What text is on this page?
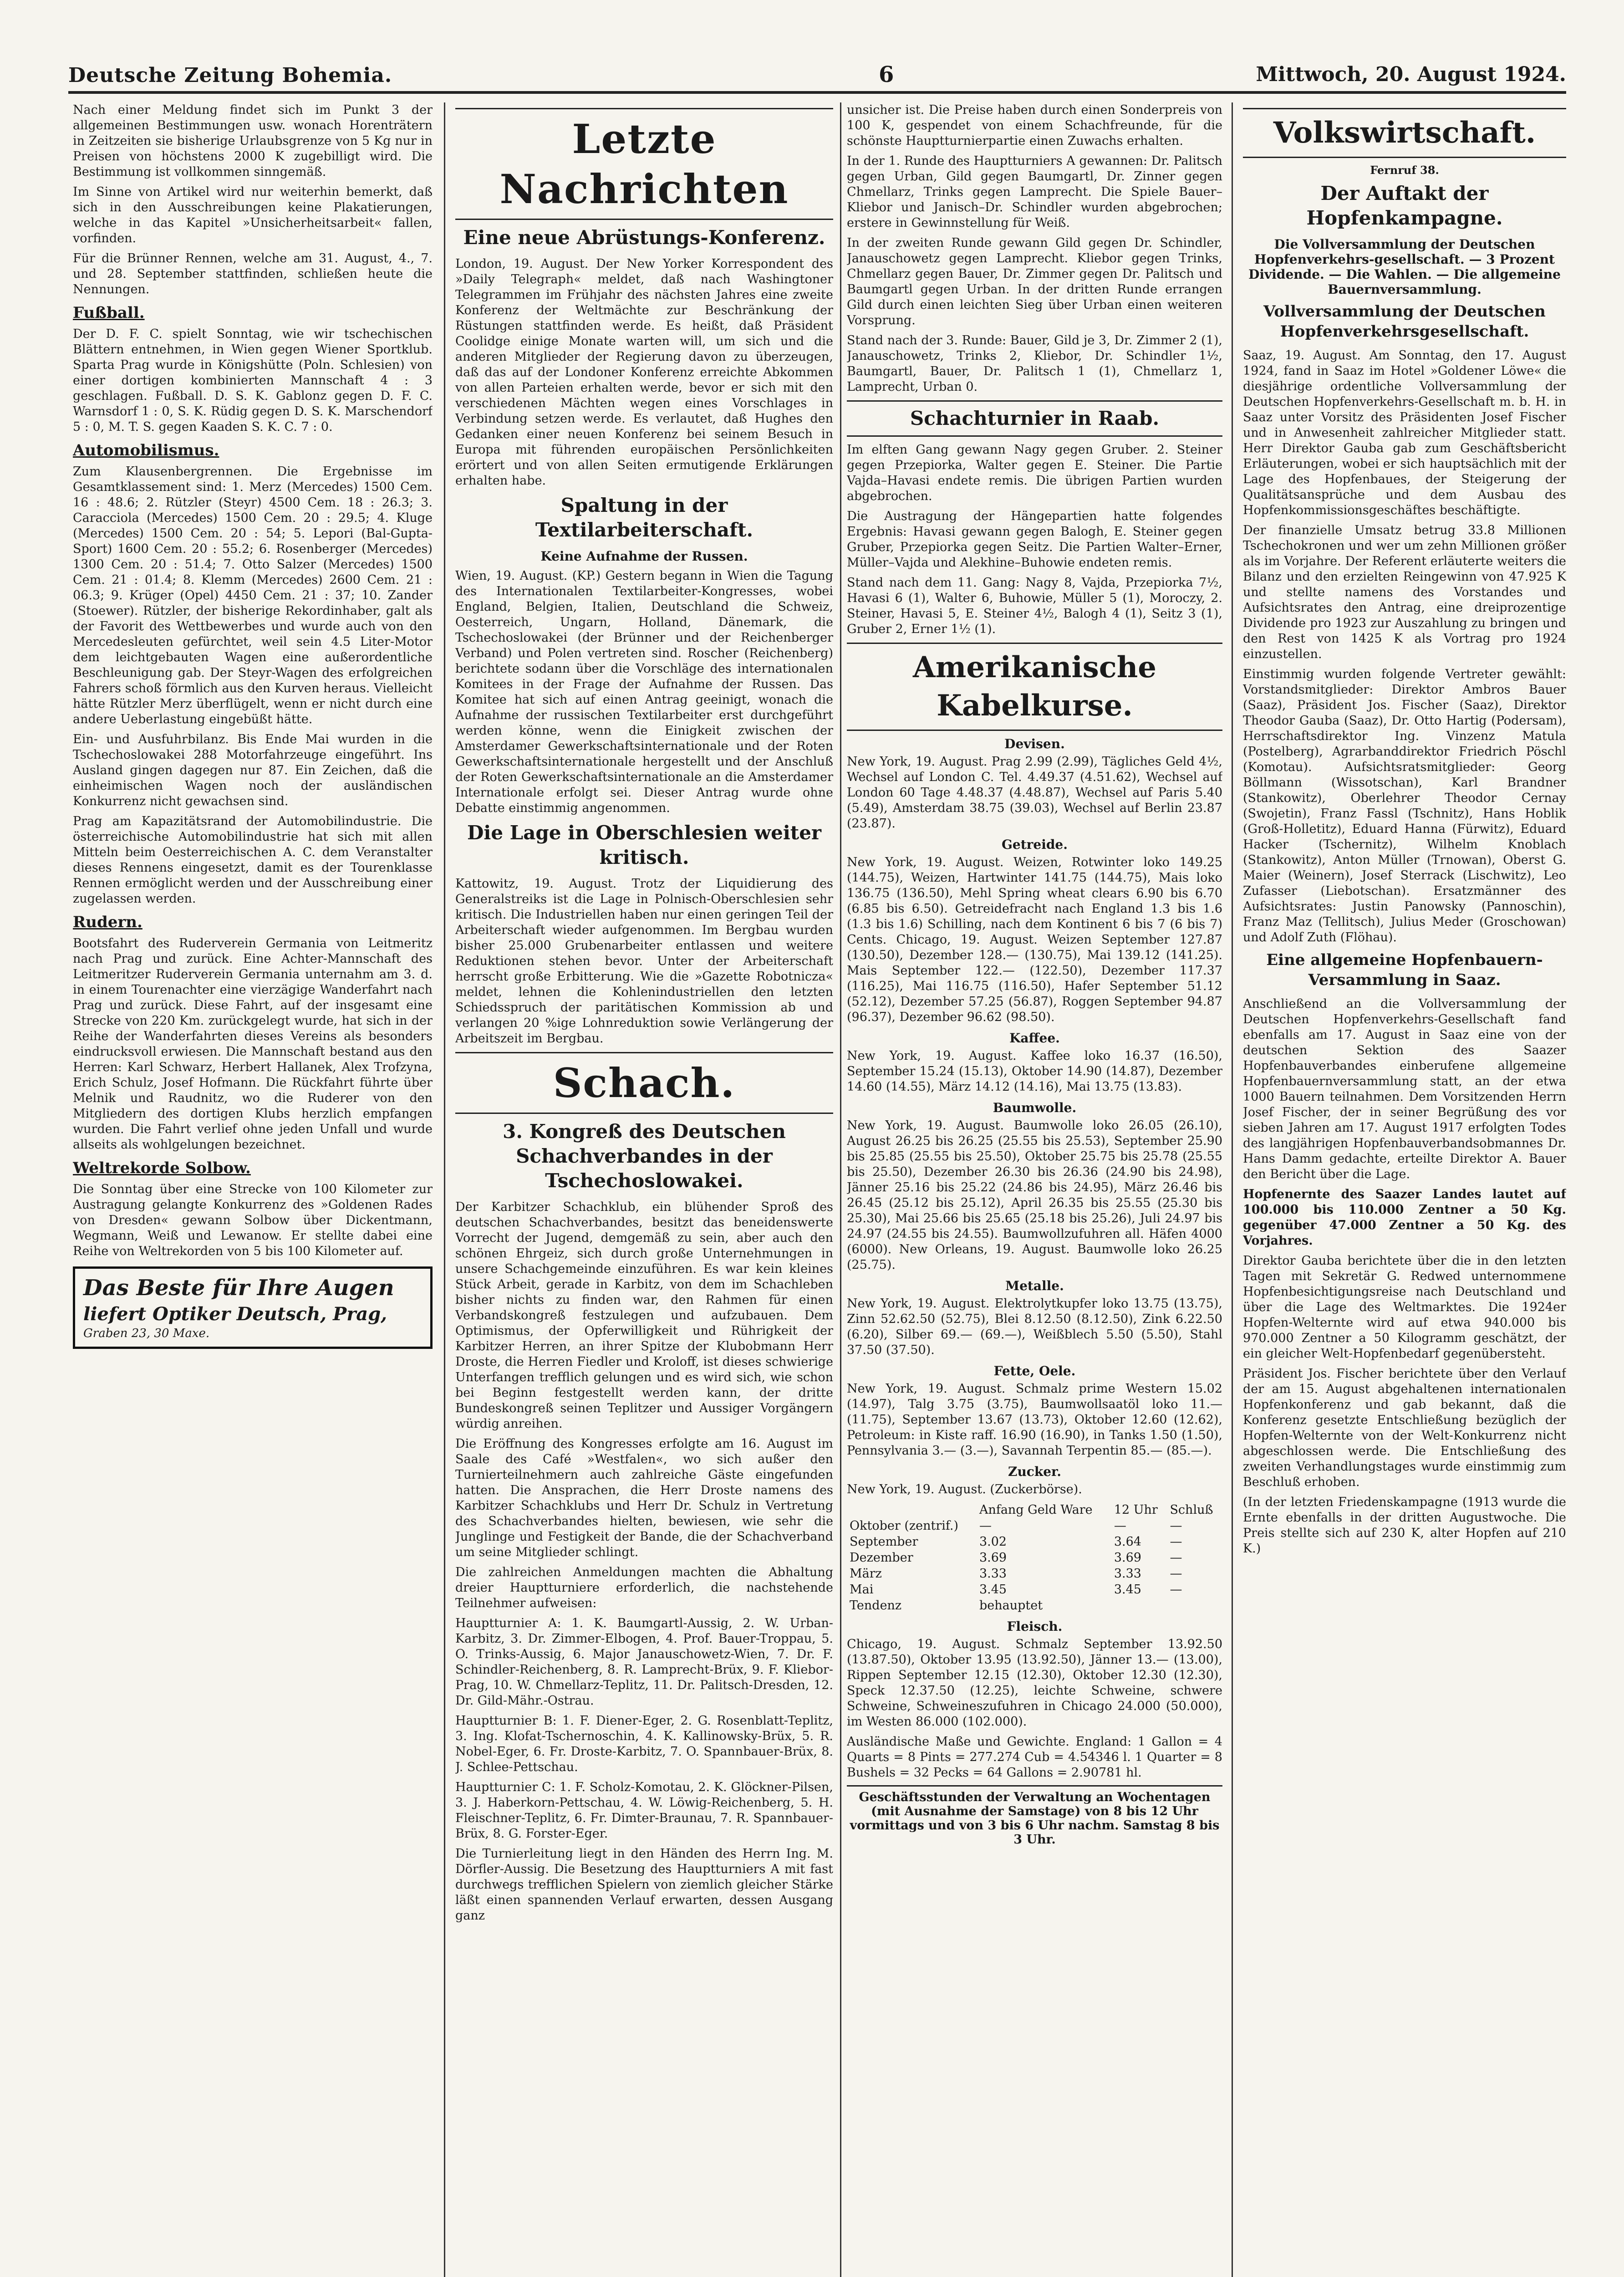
Deutsche Zeitung Bohemia.	6	Mittwoch, 20. August 1924.

Nach einer Meldung findet sich im Punkt 3 der allgemeinen Bestimmungen usw. wonach Horenträtern in Zeitzeiten sie bisherige Urlaubsgrenze von 5 Kg nur in Preisen von höchstens 2000 K zugebilligt wird. Die Bestimmung ist vollkommen sinngemäß.

Im Sinne von Artikel wird nur weiterhin bemerkt, daß sich in den Ausschreibungen keine Plakatierungen, welche in das Kapitel »Unsicherheitsarbeit« fallen, vorfinden.

Für die Brünner Rennen, welche am 31. August, 4., 7. und 28. September stattfinden, schließen heute die Nennungen.

Fußball.

Der D. F. C. spielt Sonntag, wie wir tschechischen Blättern entnehmen, in Wien gegen Wiener Sportklub. Sparta Prag wurde in Königshütte (Poln. Schlesien) von einer dortigen kombinierten Mannschaft 4 : 3 geschlagen. Fußball. D. S. K. Gablonz gegen D. F. C. Warnsdorf 1 : 0, S. K. Rüdig gegen D. S. K. Marschendorf 5 : 0, M. T. S. gegen Kaaden S. K. C. 7 : 0.

Automobilismus.

Zum Klausenbergrennen. Die Ergebnisse im Gesamtklassement sind: 1. Merz (Mercedes) 1500 Cem. 16 : 48.6; 2. Rützler (Steyr) 4500 Cem. 18 : 26.3; 3. Caracciola (Mercedes) 1500 Cem. 20 : 29.5; 4. Kluge (Mercedes) 1500 Cem. 20 : 54; 5. Lepori (Bal-Gupta-Sport) 1600 Cem. 20 : 55.2; 6. Rosenberger (Mercedes) 1300 Cem. 20 : 51.4; 7. Otto Salzer (Mercedes) 1500 Cem. 21 : 01.4; 8. Klemm (Mercedes) 2600 Cem. 21 : 06.3; 9. Krüger (Opel) 4450 Cem. 21 : 37; 10. Zander (Stoewer). Rützler, der bisherige Rekordinhaber, galt als der Favorit des Wettbewerbes und wurde auch von den Mercedesleuten gefürchtet, weil sein 4.5 Liter-Motor dem leichtgebauten Wagen eine außerordentliche Beschleunigung gab. Der Steyr-Wagen des erfolgreichen Fahrers schoß förmlich aus den Kurven heraus. Vielleicht hätte Rützler Merz überflügelt, wenn er nicht durch eine andere Ueberlastung eingebüßt hätte.

Ein- und Ausfuhrbilanz. Bis Ende Mai wurden in die Tschechoslowakei 288 Motorfahrzeuge eingeführt. Ins Ausland gingen dagegen nur 87. Ein Zeichen, daß die einheimischen Wagen noch der ausländischen Konkurrenz nicht gewachsen sind.

Prag am Kapazitätsrand der Automobilindustrie. Die österreichische Automobilindustrie hat sich mit allen Mitteln beim Oesterreichischen A. C. dem Veranstalter dieses Rennens eingesetzt, damit es der Tourenklasse Rennen ermöglicht werden und der Ausschreibung einer zugelassen werden.

Rudern.

Bootsfahrt des Ruderverein Germania von Leitmeritz nach Prag und zurück. Eine Achter-Mannschaft des Leitmeritzer Ruderverein Germania unternahm am 3. d. in einem Tourenachter eine vierzägige Wanderfahrt nach Prag und zurück. Diese Fahrt, auf der insgesamt eine Strecke von 220 Km. zurückgelegt wurde, hat sich in der Reihe der Wanderfahrten dieses Vereins als besonders eindrucksvoll erwiesen. Die Mannschaft bestand aus den Herren: Karl Schwarz, Herbert Hallanek, Alex Trofzyna, Erich Schulz, Josef Hofmann. Die Rückfahrt führte über Melnik und Raudnitz, wo die Ruderer von den Mitgliedern des dortigen Klubs herzlich empfangen wurden. Die Fahrt verlief ohne jeden Unfall und wurde allseits als wohlgelungen bezeichnet.

Weltrekorde Solbow.

Die Sonntag über eine Strecke von 100 Kilometer zur Austragung gelangte Konkurrenz des »Goldenen Rades von Dresden« gewann Solbow über Dickentmann, Wegmann, Weiß und Lewanow. Er stellte dabei eine Reihe von Weltrekorden von 5 bis 100 Kilometer auf.

Das Beste für Ihre Augen
liefert Optiker Deutsch, Prag,
Graben 23, 30 Maxe.
Letzte Nachrichten
Eine neue Abrüstungs-Konferenz.

London, 19. August. Der New Yorker Korrespondent des »Daily Telegraph« meldet, daß nach Washingtoner Telegrammen im Frühjahr des nächsten Jahres eine zweite Konferenz der Weltmächte zur Beschränkung der Rüstungen stattfinden werde. Es heißt, daß Präsident Coolidge einige Monate warten will, um sich und die anderen Mitglieder der Regierung davon zu überzeugen, daß das auf der Londoner Konferenz erreichte Abkommen von allen Parteien erhalten werde, bevor er sich mit den verschiedenen Mächten wegen eines Vorschlages in Verbindung setzen werde. Es verlautet, daß Hughes den Gedanken einer neuen Konferenz bei seinem Besuch in Europa mit führenden europäischen Persönlichkeiten erörtert und von allen Seiten ermutigende Erklärungen erhalten habe.

Spaltung in der Textilarbeiterschaft.
Keine Aufnahme der Russen.

Wien, 19. August. (KP.) Gestern begann in Wien die Tagung des Internationalen Textilarbeiter-Kongresses, wobei England, Belgien, Italien, Deutschland die Schweiz, Oesterreich, Ungarn, Holland, Dänemark, die Tschechoslowakei (der Brünner und der Reichenberger Verband) und Polen vertreten sind. Roscher (Reichenberg) berichtete sodann über die Vorschläge des internationalen Komitees in der Frage der Aufnahme der Russen. Das Komitee hat sich auf einen Antrag geeinigt, wonach die Aufnahme der russischen Textilarbeiter erst durchgeführt werden könne, wenn die Einigkeit zwischen der Amsterdamer Gewerkschaftsinternationale und der Roten Gewerkschaftsinternationale hergestellt und der Anschluß der Roten Gewerkschaftsinternationale an die Amsterdamer Internationale erfolgt sei. Dieser Antrag wurde ohne Debatte einstimmig angenommen.

Die Lage in Oberschlesien weiter kritisch.

Kattowitz, 19. August. Trotz der Liquidierung des Generalstreiks ist die Lage in Polnisch-Oberschlesien sehr kritisch. Die Industriellen haben nur einen geringen Teil der Arbeiterschaft wieder aufgenommen. Im Bergbau wurden bisher 25.000 Grubenarbeiter entlassen und weitere Reduktionen stehen bevor. Unter der Arbeiterschaft herrscht große Erbitterung. Wie die »Gazette Robotnicza« meldet, lehnen die Kohlenindustriellen den letzten Schiedsspruch der paritätischen Kommission ab und verlangen 20 %ige Lohnreduktion sowie Verlängerung der Arbeitszeit im Bergbau.

Schach.
3. Kongreß des Deutschen Schachverbandes in der Tschechoslowakei.

Der Karbitzer Schachklub, ein blühender Sproß des deutschen Schachverbandes, besitzt das beneidenswerte Vorrecht der Jugend, demgemäß zu sein, aber auch den schönen Ehrgeiz, sich durch große Unternehmungen in unsere Schachgemeinde einzuführen. Es war kein kleines Stück Arbeit, gerade in Karbitz, von dem im Schachleben bisher nichts zu finden war, den Rahmen für einen Verbandskongreß festzulegen und aufzubauen. Dem Optimismus, der Opferwilligkeit und Rührigkeit der Karbitzer Herren, an ihrer Spitze der Klubobmann Herr Droste, die Herren Fiedler und Kroloff, ist dieses schwierige Unterfangen trefflich gelungen und es wird sich, wie schon bei Beginn festgestellt werden kann, der dritte Bundeskongreß seinen Teplitzer und Aussiger Vorgängern würdig anreihen.

Die Eröffnung des Kongresses erfolgte am 16. August im Saale des Café »Westfalen«, wo sich außer den Turnierteilnehmern auch zahlreiche Gäste eingefunden hatten. Die Ansprachen, die Herr Droste namens des Karbitzer Schachklubs und Herr Dr. Schulz in Vertretung des Schachverbandes hielten, bewiesen, wie sehr die Junglinge und Festigkeit der Bande, die der Schachverband um seine Mitglieder schlingt.

Die zahlreichen Anmeldungen machten die Abhaltung dreier Hauptturniere erforderlich, die nachstehende Teilnehmer aufweisen:

Hauptturnier A: 1. K. Baumgartl-Aussig, 2. W. Urban-Karbitz, 3. Dr. Zimmer-Elbogen, 4. Prof. Bauer-Troppau, 5. O. Trinks-Aussig, 6. Major Janauschowetz-Wien, 7. Dr. F. Schindler-Reichenberg, 8. R. Lamprecht-Brüx, 9. F. Kliebor-Prag, 10. W. Chmellarz-Teplitz, 11. Dr. Palitsch-Dresden, 12. Dr. Gild-Mähr.-Ostrau.

Hauptturnier B: 1. F. Diener-Eger, 2. G. Rosenblatt-Teplitz, 3. Ing. Klofat-Tschernoschin, 4. K. Kallinowsky-Brüx, 5. R. Nobel-Eger, 6. Fr. Droste-Karbitz, 7. O. Spannbauer-Brüx, 8. J. Schlee-Pettschau.

Hauptturnier C: 1. F. Scholz-Komotau, 2. K. Glöckner-Pilsen, 3. J. Haberkorn-Pettschau, 4. W. Löwig-Reichenberg, 5. H. Fleischner-Teplitz, 6. Fr. Dimter-Braunau, 7. R. Spannbauer-Brüx, 8. G. Forster-Eger.

Die Turnierleitung liegt in den Händen des Herrn Ing. M. Dörfler-Aussig. Die Besetzung des Hauptturniers A mit fast durchwegs trefflichen Spielern von ziemlich gleicher Stärke läßt einen spannenden Verlauf erwarten, dessen Ausgang ganz

unsicher ist. Die Preise haben durch einen Sonderpreis von 100 K, gespendet von einem Schachfreunde, für die schönste Hauptturnierpartie einen Zuwachs erhalten.

In der 1. Runde des Hauptturniers A gewannen: Dr. Palitsch gegen Urban, Gild gegen Baumgartl, Dr. Zinner gegen Chmellarz, Trinks gegen Lamprecht. Die Spiele Bauer–Kliebor und Janisch–Dr. Schindler wurden abgebrochen; erstere in Gewinnstellung für Weiß.

In der zweiten Runde gewann Gild gegen Dr. Schindler, Janauschowetz gegen Lamprecht. Kliebor gegen Trinks, Chmellarz gegen Bauer, Dr. Zimmer gegen Dr. Palitsch und Baumgartl gegen Urban. In der dritten Runde errangen Gild durch einen leichten Sieg über Urban einen weiteren Vorsprung.

Stand nach der 3. Runde: Bauer, Gild je 3, Dr. Zimmer 2 (1), Janauschowetz, Trinks 2, Kliebor, Dr. Schindler 1½, Baumgartl, Bauer, Dr. Palitsch 1 (1), Chmellarz 1, Lamprecht, Urban 0.

Schachturnier in Raab.

Im elften Gang gewann Nagy gegen Gruber. 2. Steiner gegen Przepiorka, Walter gegen E. Steiner. Die Partie Vajda–Havasi endete remis. Die übrigen Partien wurden abgebrochen.

Die Austragung der Hängepartien hatte folgendes Ergebnis: Havasi gewann gegen Balogh, E. Steiner gegen Gruber, Przepiorka gegen Seitz. Die Partien Walter–Erner, Müller–Vajda und Alekhine–Buhowie endeten remis.

Stand nach dem 11. Gang: Nagy 8, Vajda, Przepiorka 7½, Havasi 6 (1), Walter 6, Buhowie, Müller 5 (1), Moroczy, 2. Steiner, Havasi 5, E. Steiner 4½, Balogh 4 (1), Seitz 3 (1), Gruber 2, Erner 1½ (1).

Amerikanische Kabelkurse.
Devisen.

New York, 19. August. Prag 2.99 (2.99), Tägliches Geld 4½, Wechsel auf London C. Tel. 4.49.37 (4.51.62), Wechsel auf London 60 Tage 4.48.37 (4.48.87), Wechsel auf Paris 5.40 (5.49), Amsterdam 38.75 (39.03), Wechsel auf Berlin 23.87 (23.87).

Getreide.

New York, 19. August. Weizen, Rotwinter loko 149.25 (144.75), Weizen, Hartwinter 141.75 (144.75), Mais loko 136.75 (136.50), Mehl Spring wheat clears 6.90 bis 6.70 (6.85 bis 6.50). Getreidefracht nach England 1.3 bis 1.6 (1.3 bis 1.6) Schilling, nach dem Kontinent 6 bis 7 (6 bis 7) Cents. Chicago, 19. August. Weizen September 127.87 (130.50), Dezember 128.— (130.75), Mai 139.12 (141.25). Mais September 122.— (122.50), Dezember 117.37 (116.25), Mai 116.75 (116.50), Hafer September 51.12 (52.12), Dezember 57.25 (56.87), Roggen September 94.87 (96.37), Dezember 96.62 (98.50).

Kaffee.

New York, 19. August. Kaffee loko 16.37 (16.50), September 15.24 (15.13), Oktober 14.90 (14.87), Dezember 14.60 (14.55), März 14.12 (14.16), Mai 13.75 (13.83).

Baumwolle.

New York, 19. August. Baumwolle loko 26.05 (26.10), August 26.25 bis 26.25 (25.55 bis 25.53), September 25.90 bis 25.85 (25.55 bis 25.50), Oktober 25.75 bis 25.78 (25.55 bis 25.50), Dezember 26.30 bis 26.36 (24.90 bis 24.98), Jänner 25.16 bis 25.22 (24.86 bis 24.95), März 26.46 bis 26.45 (25.12 bis 25.12), April 26.35 bis 25.55 (25.30 bis 25.30), Mai 25.66 bis 25.65 (25.18 bis 25.26), Juli 24.97 bis 24.97 (24.55 bis 24.55). Baumwollzufuhren all. Häfen 4000 (6000). New Orleans, 19. August. Baumwolle loko 26.25 (25.75).

Metalle.

New York, 19. August. Elektrolytkupfer loko 13.75 (13.75), Zinn 52.62.50 (52.75), Blei 8.12.50 (8.12.50), Zink 6.22.50 (6.20), Silber 69.— (69.—), Weißblech 5.50 (5.50), Stahl 37.50 (37.50).

Fette, Oele.

New York, 19. August. Schmalz prime Western 15.02 (14.97), Talg 3.75 (3.75), Baumwollsaatöl loko 11.— (11.75), September 13.67 (13.73), Oktober 12.60 (12.62), Petroleum: in Kiste raff. 16.90 (16.90), in Tanks 1.50 (1.50), Pennsylvania 3.— (3.—), Savannah Terpentin 85.— (85.—).

Zucker.

New York, 19. August. (Zuckerbörse).

	Anfang Geld Ware	12 Uhr	Schluß
Oktober (zentrif.)	—	—	—
September	3.02	3.64	—
Dezember	3.69	3.69	—
März	3.33	3.33	—
Mai	3.45	3.45	—
Tendenz	behauptet		
Fleisch.

Chicago, 19. August. Schmalz September 13.92.50 (13.87.50), Oktober 13.95 (13.92.50), Jänner 13.— (13.00), Rippen September 12.15 (12.30), Oktober 12.30 (12.30), Speck 12.37.50 (12.25), leichte Schweine, schwere Schweine, Schweineszufuhren in Chicago 24.000 (50.000), im Westen 86.000 (102.000).

Ausländische Maße und Gewichte. England: 1 Gallon = 4 Quarts = 8 Pints = 277.274 Cub = 4.54346 l. 1 Quarter = 8 Bushels = 32 Pecks = 64 Gallons = 2.90781 hl.

Geschäftsstunden der Verwaltung an Wochentagen (mit Ausnahme der Samstage) von 8 bis 12 Uhr vormittags und von 3 bis 6 Uhr nachm. Samstag 8 bis 3 Uhr.
Volkswirtschaft.
Fernruf 38.
Der Auftakt der Hopfenkampagne.
Die Vollversammlung der Deutschen Hopfenverkehrs-gesellschaft. — 3 Prozent Dividende. — Die Wahlen. — Die allgemeine Bauernversammlung.
Vollversammlung der Deutschen Hopfenverkehrsgesellschaft.

Saaz, 19. August. Am Sonntag, den 17. August 1924, fand in Saaz im Hotel »Goldener Löwe« die diesjährige ordentliche Vollversammlung der Deutschen Hopfenverkehrs-Gesellschaft m. b. H. in Saaz unter Vorsitz des Präsidenten Josef Fischer und in Anwesenheit zahlreicher Mitglieder statt. Herr Direktor Gauba gab zum Geschäftsbericht Erläuterungen, wobei er sich hauptsächlich mit der Lage des Hopfenbaues, der Steigerung der Qualitätsansprüche und dem Ausbau des Hopfenkommissionsgeschäftes beschäftigte.

Der finanzielle Umsatz betrug 33.8 Millionen Tschechokronen und wer um zehn Millionen größer als im Vorjahre. Der Referent erläuterte weiters die Bilanz und den erzielten Reingewinn von 47.925 K und stellte namens des Vorstandes und Aufsichtsrates den Antrag, eine dreiprozentige Dividende pro 1923 zur Auszahlung zu bringen und den Rest von 1425 K als Vortrag pro 1924 einzustellen.

Einstimmig wurden folgende Vertreter gewählt: Vorstandsmitglieder: Direktor Ambros Bauer (Saaz), Präsident Jos. Fischer (Saaz), Direktor Theodor Gauba (Saaz), Dr. Otto Hartig (Podersam), Herrschaftsdirektor Ing. Vinzenz Matula (Postelberg), Agrarbanddirektor Friedrich Pöschl (Komotau). Aufsichtsratsmitglieder: Georg Böllmann (Wissotschan), Karl Brandner (Stankowitz), Oberlehrer Theodor Cernay (Swojetin), Franz Fassl (Tschnitz), Hans Hoblik (Groß-Holletitz), Eduard Hanna (Fürwitz), Eduard Hacker (Tschernitz), Wilhelm Knoblach (Stankowitz), Anton Müller (Trnowan), Oberst G. Maier (Weinern), Josef Sterrack (Lischwitz), Leo Zufasser (Liebotschan). Ersatzmänner des Aufsichtsrates: Justin Panowsky (Pannoschin), Franz Maz (Tellitsch), Julius Meder (Groschowan) und Adolf Zuth (Flöhau).

Eine allgemeine Hopfenbauern-Versammlung in Saaz.

Anschließend an die Vollversammlung der Deutschen Hopfenverkehrs-Gesellschaft fand ebenfalls am 17. August in Saaz eine von der deutschen Sektion des Saazer Hopfenbauverbandes einberufene allgemeine Hopfenbauernversammlung statt, an der etwa 1000 Bauern teilnahmen. Dem Vorsitzenden Herrn Josef Fischer, der in seiner Begrüßung des vor sieben Jahren am 17. August 1917 erfolgten Todes des langjährigen Hopfenbauverbandsobmannes Dr. Hans Damm gedachte, erteilte Direktor A. Bauer den Bericht über die Lage.

Hopfenernte des Saazer Landes lautet auf 100.000 bis 110.000 Zentner a 50 Kg. gegenüber 47.000 Zentner a 50 Kg. des Vorjahres.

Direktor Gauba berichtete über die in den letzten Tagen mit Sekretär G. Redwed unternommene Hopfenbesichtigungsreise nach Deutschland und über die Lage des Weltmarktes. Die 1924er Hopfen-Welternte wird auf etwa 940.000 bis 970.000 Zentner a 50 Kilogramm geschätzt, der ein gleicher Welt-Hopfenbedarf gegenübersteht.

Präsident Jos. Fischer berichtete über den Verlauf der am 15. August abgehaltenen internationalen Hopfenkonferenz und gab bekannt, daß die Konferenz gesetzte Entschließung bezüglich der Hopfen-Welternte von der Welt-Konkurrenz nicht abgeschlossen werde. Die Entschließung des zweiten Verhandlungstages wurde einstimmig zum Beschluß erhoben.

(In der letzten Friedenskampagne (1913 wurde die Ernte ebenfalls in der dritten Augustwoche. Die Preis stellte sich auf 230 K, alter Hopfen auf 210 K.)
